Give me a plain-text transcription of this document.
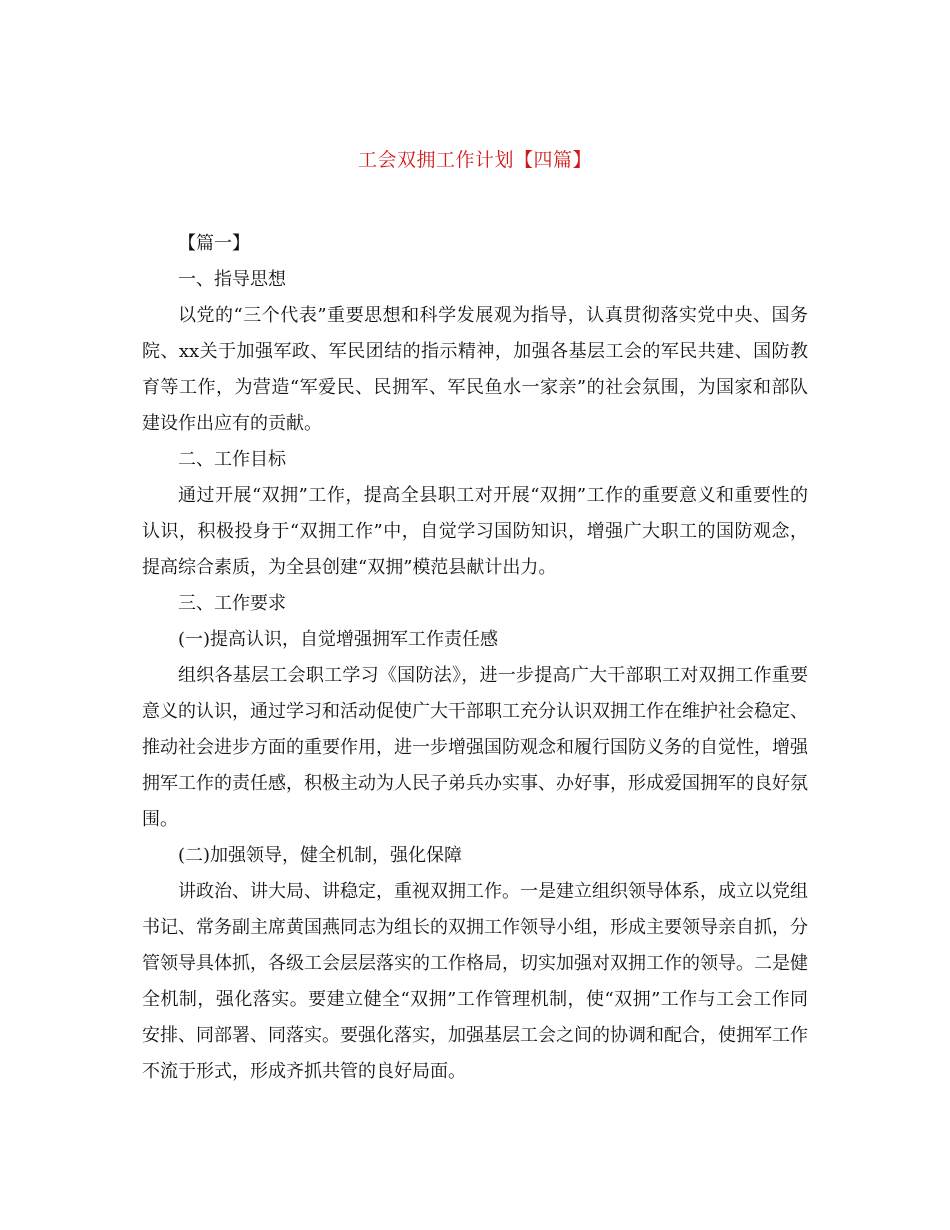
工会双拥工作计划【四篇】

【篇一】

一、指导思想

以党的“三个代表”重要思想和科学发展观为指导，认真贯彻落实党中央、国务院、xx关于加强军政、军民团结的指示精神，加强各基层工会的军民共建、国防教育等工作，为营造“军爱民、民拥军、军民鱼水一家亲”的社会氛围，为国家和部队建设作出应有的贡献。

二、工作目标

通过开展“双拥”工作，提高全县职工对开展“双拥”工作的重要意义和重要性的认识，积极投身于“双拥工作”中，自觉学习国防知识，增强广大职工的国防观念，提高综合素质，为全县创建“双拥”模范县献计出力。

三、工作要求

(一)提高认识，自觉增强拥军工作责任感

组织各基层工会职工学习《国防法》，进一步提高广大干部职工对双拥工作重要意义的认识，通过学习和活动促使广大干部职工充分认识双拥工作在维护社会稳定、推动社会进步方面的重要作用，进一步增强国防观念和履行国防义务的自觉性，增强拥军工作的责任感，积极主动为人民子弟兵办实事、办好事，形成爱国拥军的良好氛围。

(二)加强领导，健全机制，强化保障

讲政治、讲大局、讲稳定，重视双拥工作。一是建立组织领导体系，成立以党组书记、常务副主席黄国燕同志为组长的双拥工作领导小组，形成主要领导亲自抓，分管领导具体抓，各级工会层层落实的工作格局，切实加强对双拥工作的领导。二是健全机制，强化落实。要建立健全“双拥”工作管理机制，使“双拥”工作与工会工作同安排、同部署、同落实。要强化落实，加强基层工会之间的协调和配合，使拥军工作不流于形式，形成齐抓共管的良好局面。
